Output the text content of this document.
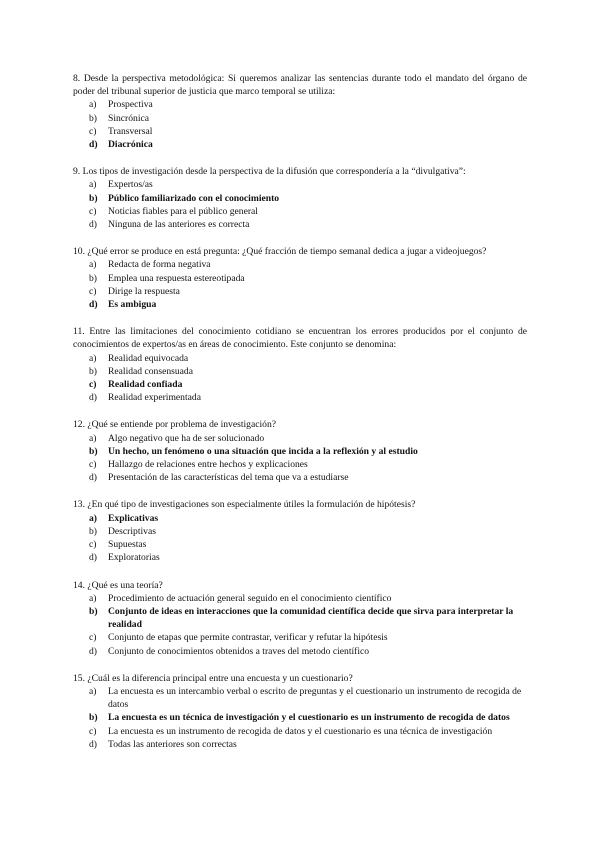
8. Desde la perspectiva metodológica: Si queremos analizar las sentencias durante todo el mandato del órgano de poder del tribunal superior de justicia que marco temporal se utiliza:
a) Prospectiva
b) Sincrónica
c) Transversal
d) Diacrónica
9. Los tipos de investigación desde la perspectiva de la difusión que correspondería a la “divulgativa”:
a) Expertos/as
b) Público familiarizado con el conocimiento
c) Noticias fiables para el público general
d) Ninguna de las anteriores es correcta
10. ¿Qué error se produce en está pregunta: ¿Qué fracción de tiempo semanal dedica a jugar a videojuegos?
a) Redacta de forma negativa
b) Emplea una respuesta estereotipada
c) Dirige la respuesta
d) Es ambigua
11. Entre las limitaciones del conocimiento cotidiano se encuentran los errores producidos por el conjunto de conocimientos de expertos/as en áreas de conocimiento. Este conjunto se denomina:
a) Realidad equivocada
b) Realidad consensuada
c) Realidad confiada
d) Realidad experimentada
12. ¿Qué se entiende por problema de investigación?
a) Algo negativo que ha de ser solucionado
b) Un hecho, un fenómeno o una situación que incida a la reflexión y al estudio
c) Hallazgo de relaciones entre hechos y explicaciones
d) Presentación de las características del tema que va a estudiarse
13. ¿En qué tipo de investigaciones son especialmente útiles la formulación de hipótesis?
a) Explicativas
b) Descriptivas
c) Supuestas
d) Exploratorias
14. ¿Qué es una teoría?
a) Procedimiento de actuación general seguido en el conocimiento científico
b) Conjunto de ideas en interacciones que la comunidad científica decide que sirva para interpretar la realidad
c) Conjunto de etapas que permite contrastar, verificar y refutar la hipótesis
d) Conjunto de conocimientos obtenidos a traves del metodo científico
15. ¿Cuál es la diferencia principal entre una encuesta y un cuestionario?
a) La encuesta es un intercambio verbal o escrito de preguntas y el cuestionario un instrumento de recogida de datos
b) La encuesta es un técnica de investigación y el cuestionario es un instrumento de recogida de datos
c) La encuesta es un instrumento de recogida de datos y el cuestionario es una técnica de investigación
d) Todas las anteriores son correctas
